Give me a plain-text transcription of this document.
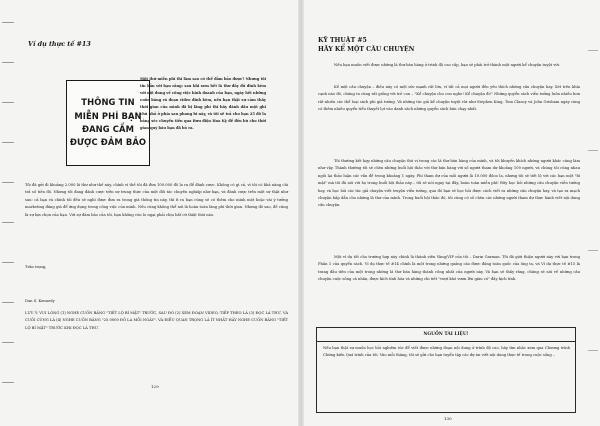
Ví dụ thực tế #13
THÔNG TIN
MIỄN PHÍ BẠN
ĐANG CẦM
ĐƯỢC ĐẢM BẢO
Một thứ miễn phí thì làm sao có thể đảm bảo được? Nhưng tôi tin hẳn với bạn rằng: sau khi xem hết lá thư đầy đủ đính kèm với nội dung về công việc kinh doanh của bạn, ngày hết những cuốn băng và đoạn video đính kèm, nếu bạn thật sự cảm thấy thời gian của mình đã bị lãng phí thì hãy đánh dấu một ghi chú nhỏ ở phía sau phong bì này, và tôi sẽ trả cho bạn 25 đô la bằng séc chuyển tiền qua Bưu điện Hoa Kỳ để đền bù cho thời gian quý báu bạn đã bỏ ra.
Tôi đã gửi đi khoảng 2.000 lá thư như thế này, chính vì thế tôi đã đưa 100.000 đô la ra để đánh cược. Không có gì cả, vì tôi có khả năng chi trả số tiền đó. Nhưng tôi đang đánh cược trên sự trung thực của một đối tác chuyên nghiệp như bạn, và đánh cược trên một sự thật như sau: cả bạn và chính tôi đều sẽ nghĩ được đưa ra trong giá thông tin này, thì ít ra bạn cũng sẽ có thêm cho mình một hoặc vài ý tưởng marketing đáng giá để ứng dụng trong công việc của mình. Nếu cũng không thể nói là hoàn toàn lãng phí thời gian. Nhưng đó sao, đề cũng là sự lựa chọn của bạn. Với sự đảm bảo của tôi, bạn không còn lo ngại phải chịu bất cứ thiệt thòi nào.
Trân trọng,
Dan S. Kennedy
LƯU Ý: VUI LÒNG (1) NGHE CUỐN BĂNG "TIẾT LỘ BÍ MẬT" TRƯỚC, SAU ĐÓ (2) XEM ĐOẠN VIDEO, TIẾP THEO LÀ (3) ĐỌC LÁ THƯ, VÀ CUỐI CÙNG LÀ (4) NGHE CUỐN BĂNG "25.0000 ĐÔ LA MỖI NGÀY". VÀ ĐIỀU QUAN TRỌNG LÀ ÍT NHẤT HÃY NGHE CUỐN BĂNG "TIẾT LỘ BÍ MẬT" TRƯỚC KHI ĐỌC LÁ THƯ.
129
KỸ THUẬT #5
HÃY KỂ MỘT CÂU CHUYỆN
Nếu bạn muốn viết được những lá thư bán hàng ở trình độ cao cấp, bạn sẽ phải trở thành một người kể chuyện tuyệt vời.
Kể một câu chuyện – điều này có một sức mạnh rất lớn, vì tất cả mọi người đều yêu thích những câu chuyện hay. Xét trên khía cạnh nào đó, chúng ta cũng rất giống với trẻ con – "Kể chuyện cho con nghe! Kể chuyện đi!" Những quyển sách viễn tưởng luôn nhiều hơn rất nhiều các thể loại sách phi giả tưởng. Và những tác giả kể chuyện tuyệt vời như Stephen King, Tom Clancy và John Grisham ngày càng có thêm nhiều quyển tiểu thuyết lọt vào danh sách những quyển sách bán chạy nhất.
Tôi thường kết hợp những câu chuyện thú vị trong các lá thư bán hàng của mình, và tôi khuyến khích những người khác cũng làm như vậy. Thành thường tôi sẽ chèn những buổi hội thảo với thư bán hàng với số người tham dự khoảng 100 người, và chúng tôi cũng nhau ngồi lại thảo luận các vấn đề trong khoảng 1 ngày. Phí tham dự của mỗi người là 10.000 đôoo la, nhưng tôi sẽ tiết lộ với các bạn một "bí mật" mà tôi đã nói với họ trong buổi hội thảo này... tôi sẽ nói ngay tại đây, hoàn toàn miễn phí! Đây học hỏi những câu chuyện viễn tưởng hay, và học hỏi các tác giả chuyện viết truyện viễn tưởng, qua đó bạn sẽ học hỏi được cách viết ra những câu chuyện hay, và tạo ra mạch chuyện hấp dẫn cho những lá thư của mình. Trong buổi hội thảo đó, tôi cũng có số chèn các những người tham dự thực hành viết nội dung câu chuyện.
Một ví dụ tốt cho trường hợp này chính là thành viên Vàng/VIP của tôi – Darin Garman. Tôi đã giới thiệu người này với bạn trong Phần 1 của quyển sách. Ví dụ thực tế #14 chính là một trong những quảng cáo được đăng toàn quốc của ông ta, và Ví dụ thực tế #15 là trang đầu tiên của một trong những lá thư bán hàng thành công nhất của người này. Và bạn sẽ thấy rằng, chúng sẽ nói về những câu chuyện cuộc sống cá nhân, được kích tính hóa và những chi tiết "vượt khó vươn lên giàu có" đầy kịch tính.
NGUỒN TÀI LIỆU!
Nếu bạn thật sự muốn học hỏi nghiêm túc để viết được những đoạn nội dung ở trình độ cao, hãy tìm nhắc xem qua Chương trình Chứng kiến Quá trình của tôi. Vào mỗi tháng, tôi sẽ gửi cho bạn tuyển tập các dự án viết nội dung thực tế trong cuộc sống –
130
